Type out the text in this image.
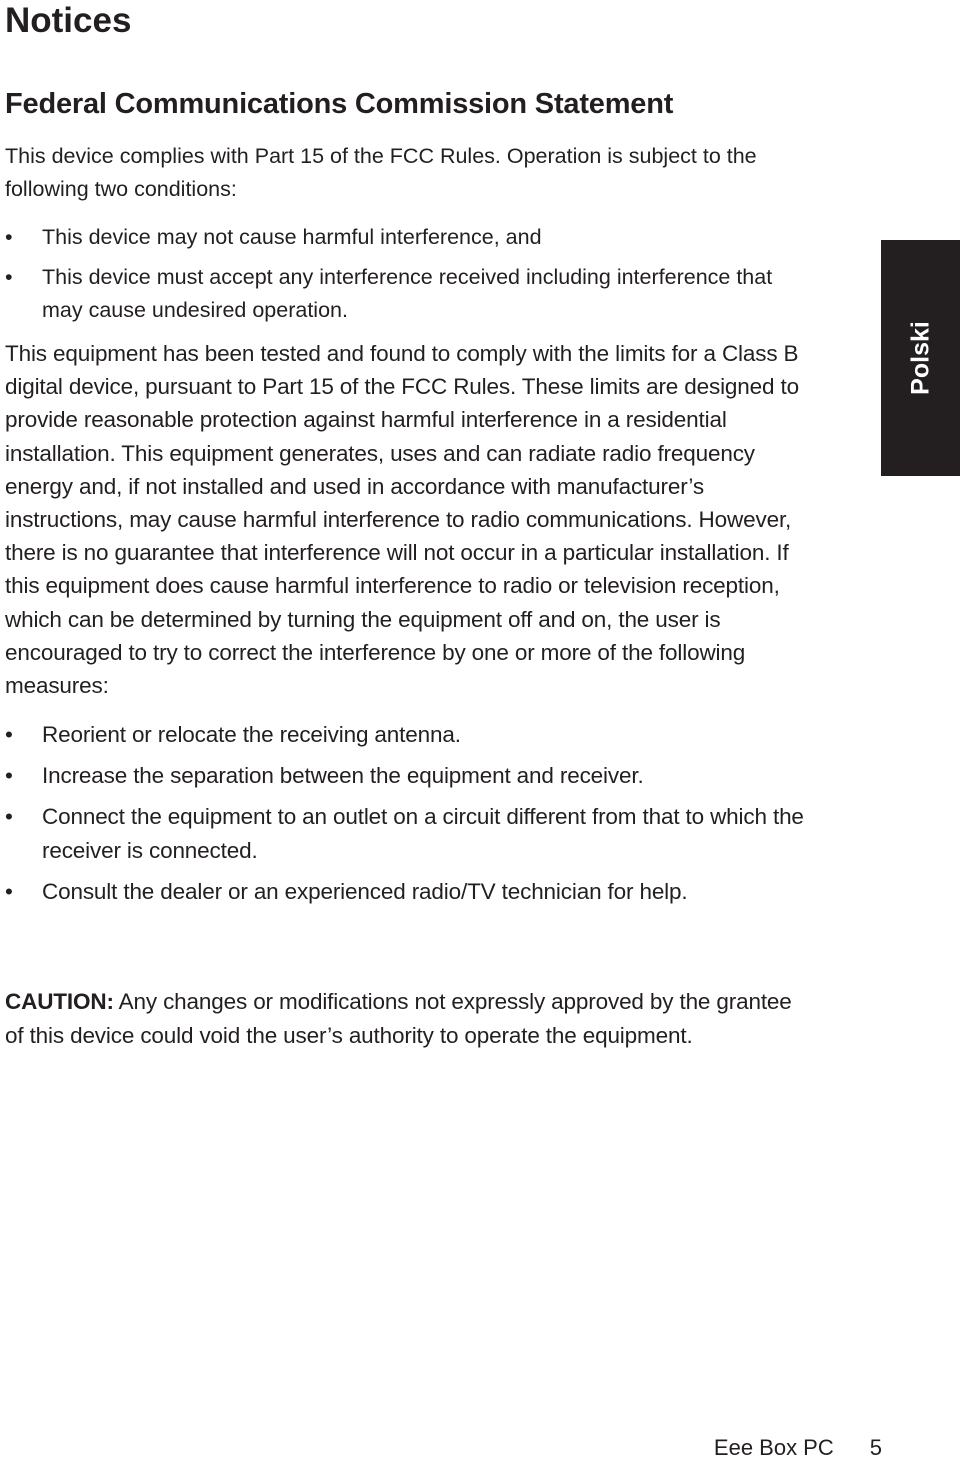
Notices
Federal Communications Commission Statement

This device complies with Part 15 of the FCC Rules. Operation is subject to the following two conditions:

• This device may not cause harmful interference, and
• This device must accept any interference received including interference that may cause undesired operation.

This equipment has been tested and found to comply with the limits for a Class B digital device, pursuant to Part 15 of the FCC Rules. These limits are designed to provide reasonable protection against harmful interference in a residential installation. This equipment generates, uses and can radiate radio frequency energy and, if not installed and used in accordance with manufacturer’s instructions, may cause harmful interference to radio communications. However, there is no guarantee that interference will not occur in a particular installation. If this equipment does cause harmful interference to radio or television reception, which can be determined by turning the equipment off and on, the user is encouraged to try to correct the interference by one or more of the following measures:

• Reorient or relocate the receiving antenna.
• Increase the separation between the equipment and receiver.
• Connect the equipment to an outlet on a circuit different from that to which the receiver is connected.
• Consult the dealer or an experienced radio/TV technician for help.

CAUTION: Any changes or modifications not expressly approved by the grantee of this device could void the user’s authority to operate the equipment.

Polski
Eee Box PC 5
